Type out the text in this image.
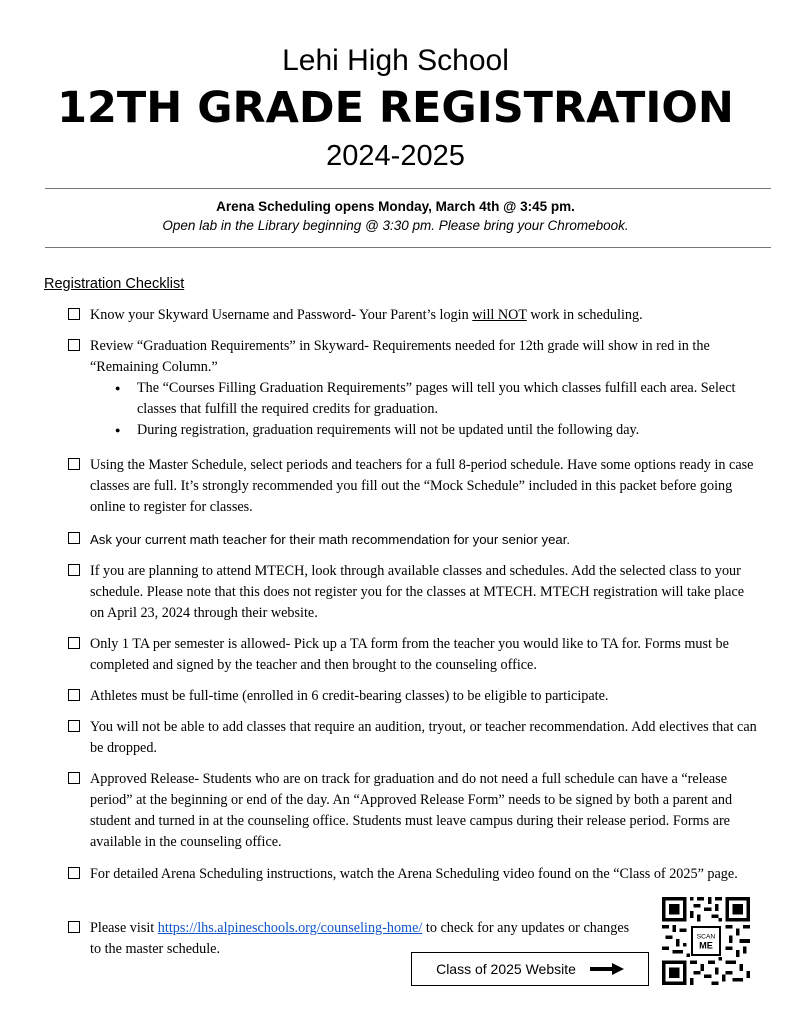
Lehi High School
12TH GRADE REGISTRATION
2024-2025
Arena Scheduling opens Monday, March 4th @ 3:45 pm.
Open lab in the Library beginning @ 3:30 pm. Please bring your Chromebook.
Registration Checklist
Know your Skyward Username and Password- Your Parent’s login will NOT work in scheduling.
Review “Graduation Requirements” in Skyward- Requirements needed for 12th grade will show in red in the “Remaining Column.”
● The “Courses Filling Graduation Requirements” pages will tell you which classes fulfill each area. Select classes that fulfill the required credits for graduation.
● During registration, graduation requirements will not be updated until the following day.
Using the Master Schedule, select periods and teachers for a full 8-period schedule. Have some options ready in case classes are full. It’s strongly recommended you fill out the “Mock Schedule” included in this packet before going online to register for classes.
Ask your current math teacher for their math recommendation for your senior year.
If you are planning to attend MTECH, look through available classes and schedules. Add the selected class to your schedule. Please note that this does not register you for the classes at MTECH. MTECH registration will take place on April 23, 2024 through their website.
Only 1 TA per semester is allowed- Pick up a TA form from the teacher you would like to TA for. Forms must be completed and signed by the teacher and then brought to the counseling office.
Athletes must be full-time (enrolled in 6 credit-bearing classes) to be eligible to participate.
You will not be able to add classes that require an audition, tryout, or teacher recommendation. Add electives that can be dropped.
Approved Release- Students who are on track for graduation and do not need a full schedule can have a “release period” at the beginning or end of the day. An “Approved Release Form” needs to be signed by both a parent and student and turned in at the counseling office. Students must leave campus during their release period. Forms are available in the counseling office.
For detailed Arena Scheduling instructions, watch the Arena Scheduling video found on the “Class of 2025” page.
Please visit https://lhs.alpineschools.org/counseling-home/ to check for any updates or changes to the master schedule.
Class of 2025 Website
SCAN
ME
